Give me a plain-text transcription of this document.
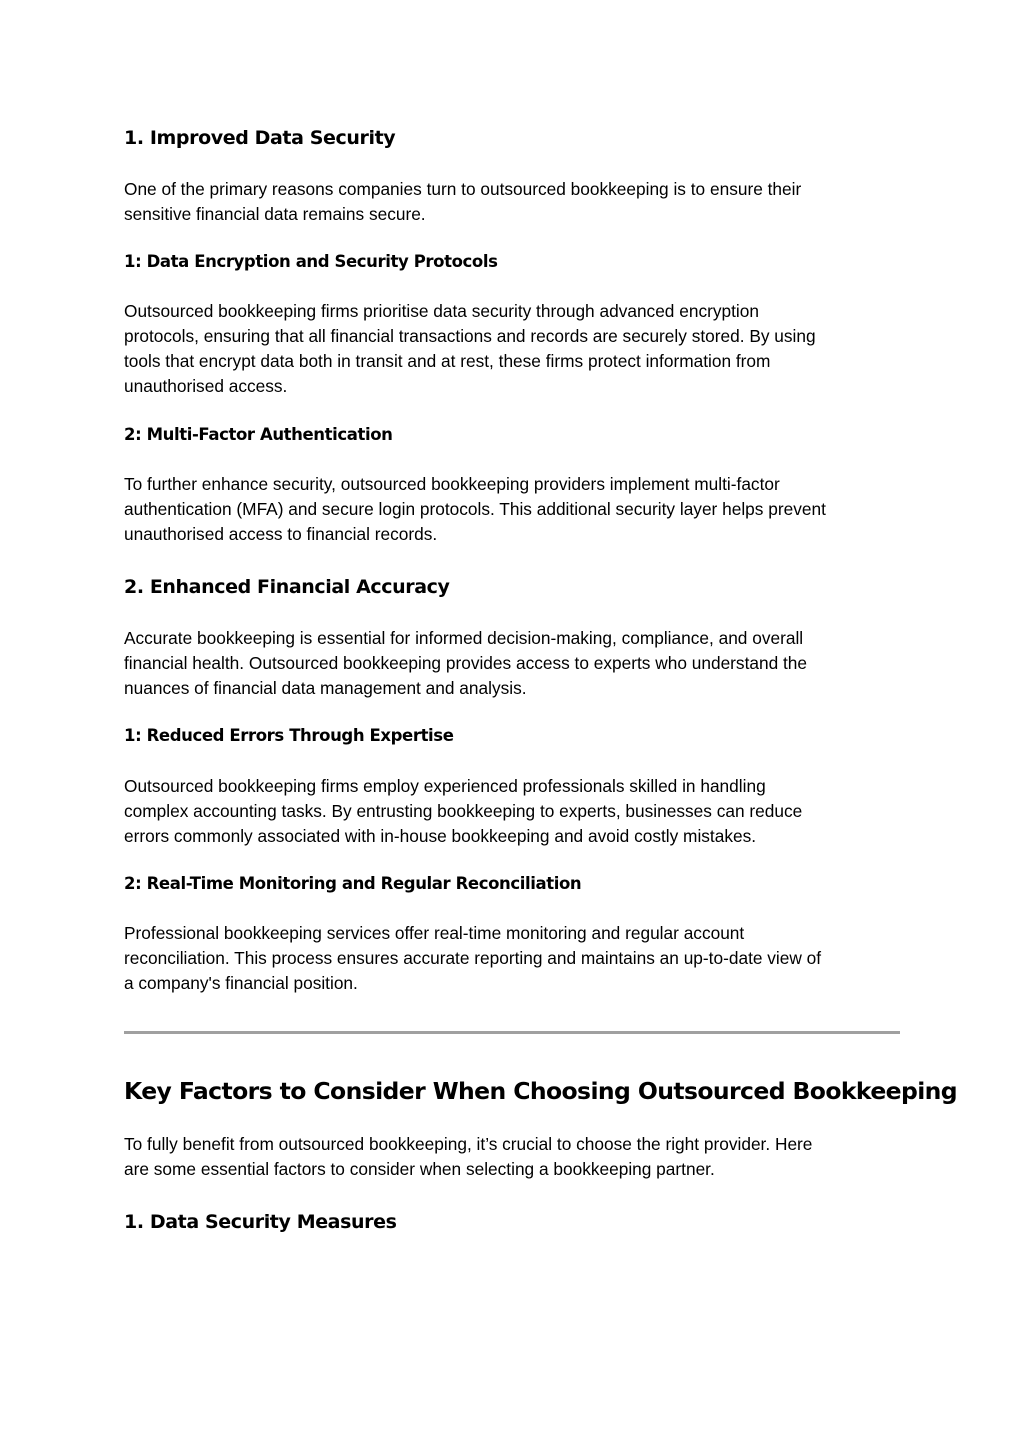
1. Improved Data Security

One of the primary reasons companies turn to outsourced bookkeeping is to ensure their
sensitive financial data remains secure.

1: Data Encryption and Security Protocols

Outsourced bookkeeping firms prioritise data security through advanced encryption
protocols, ensuring that all financial transactions and records are securely stored. By using
tools that encrypt data both in transit and at rest, these firms protect information from
unauthorised access.

2: Multi-Factor Authentication

To further enhance security, outsourced bookkeeping providers implement multi-factor
authentication (MFA) and secure login protocols. This additional security layer helps prevent
unauthorised access to financial records.

2. Enhanced Financial Accuracy

Accurate bookkeeping is essential for informed decision-making, compliance, and overall
financial health. Outsourced bookkeeping provides access to experts who understand the
nuances of financial data management and analysis.

1: Reduced Errors Through Expertise

Outsourced bookkeeping firms employ experienced professionals skilled in handling
complex accounting tasks. By entrusting bookkeeping to experts, businesses can reduce
errors commonly associated with in-house bookkeeping and avoid costly mistakes.

2: Real-Time Monitoring and Regular Reconciliation

Professional bookkeeping services offer real-time monitoring and regular account
reconciliation. This process ensures accurate reporting and maintains an up-to-date view of
a company's financial position.

Key Factors to Consider When Choosing Outsourced Bookkeeping

To fully benefit from outsourced bookkeeping, it’s crucial to choose the right provider. Here
are some essential factors to consider when selecting a bookkeeping partner.

1. Data Security Measures
